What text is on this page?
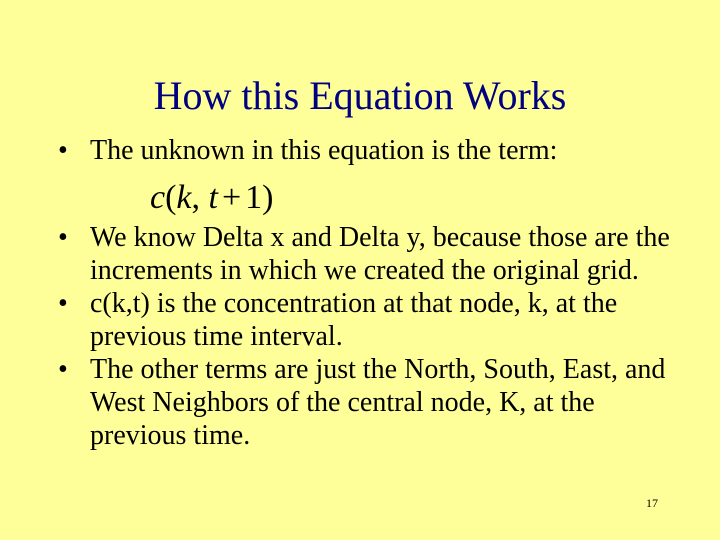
How this Equation Works
• The unknown in this equation is the term:
c(k, t + 1)
• We know Delta x and Delta y, because those are the increments in which we created the original grid.
• c(k,t) is the concentration at that node, k, at the previous time interval.
• The other terms are just the North, South, East, and West Neighbors of the central node, K, at the previous time.
17
